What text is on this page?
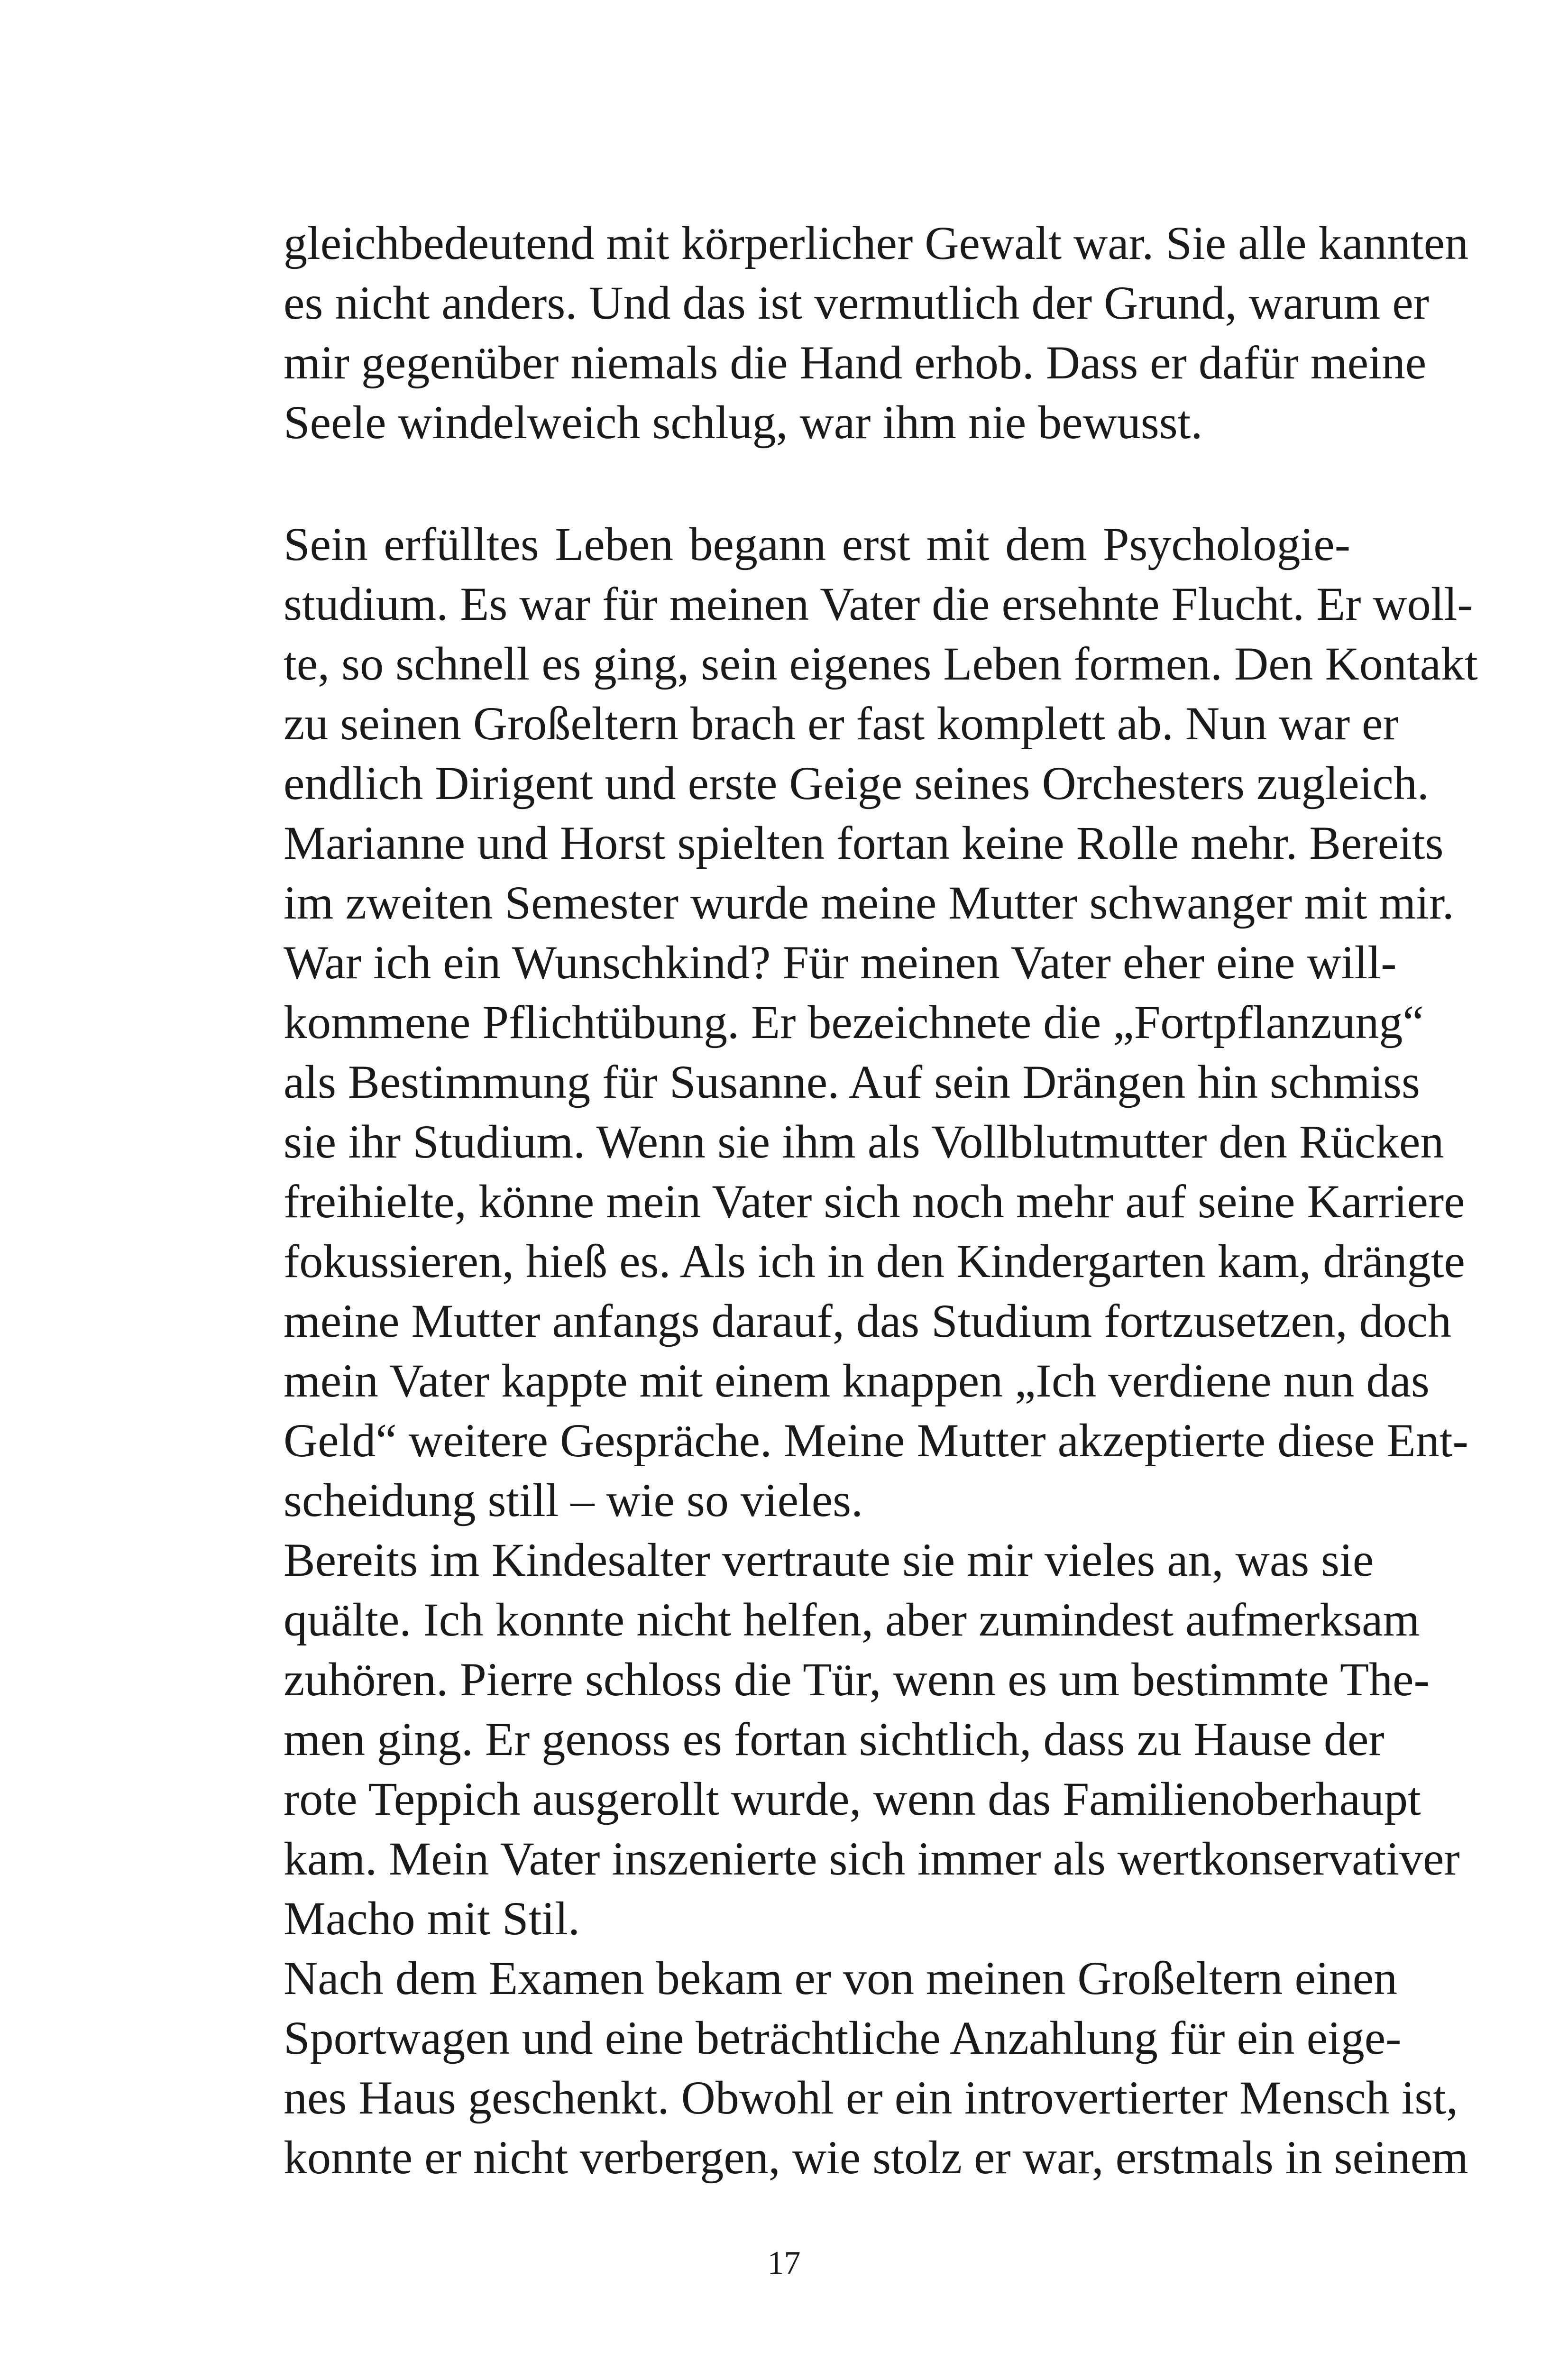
gleichbedeutend mit körperlicher Gewalt war. Sie alle kannten
es nicht anders. Und das ist vermutlich der Grund, warum er
mir gegenüber niemals die Hand erhob. Dass er dafür meine
Seele windelweich schlug, war ihm nie bewusst.
Sein erfülltes Leben begann erst mit dem Psychologie-
studium. Es war für meinen Vater die ersehnte Flucht. Er woll-
te, so schnell es ging, sein eigenes Leben formen. Den Kontakt
zu seinen Großeltern brach er fast komplett ab. Nun war er
endlich Dirigent und erste Geige seines Orchesters zugleich.
Marianne und Horst spielten fortan keine Rolle mehr. Bereits
im zweiten Semester wurde meine Mutter schwanger mit mir.
War ich ein Wunschkind? Für meinen Vater eher eine will-
kommene Pflichtübung. Er bezeichnete die „Fortpflanzung“
als Bestimmung für Susanne. Auf sein Drängen hin schmiss
sie ihr Studium. Wenn sie ihm als Vollblutmutter den Rücken
freihielte, könne mein Vater sich noch mehr auf seine Karriere
fokussieren, hieß es. Als ich in den Kindergarten kam, drängte
meine Mutter anfangs darauf, das Studium fortzusetzen, doch
mein Vater kappte mit einem knappen „Ich verdiene nun das
Geld“ weitere Gespräche. Meine Mutter akzeptierte diese Ent-
scheidung still – wie so vieles.
Bereits im Kindesalter vertraute sie mir vieles an, was sie
quälte. Ich konnte nicht helfen, aber zumindest aufmerksam
zuhören. Pierre schloss die Tür, wenn es um bestimmte The-
men ging. Er genoss es fortan sichtlich, dass zu Hause der
rote Teppich ausgerollt wurde, wenn das Familienoberhaupt
kam. Mein Vater inszenierte sich immer als wertkonservativer
Macho mit Stil.
Nach dem Examen bekam er von meinen Großeltern einen
Sportwagen und eine beträchtliche Anzahlung für ein eige-
nes Haus geschenkt. Obwohl er ein introvertierter Mensch ist,
konnte er nicht verbergen, wie stolz er war, erstmals in seinem
17
